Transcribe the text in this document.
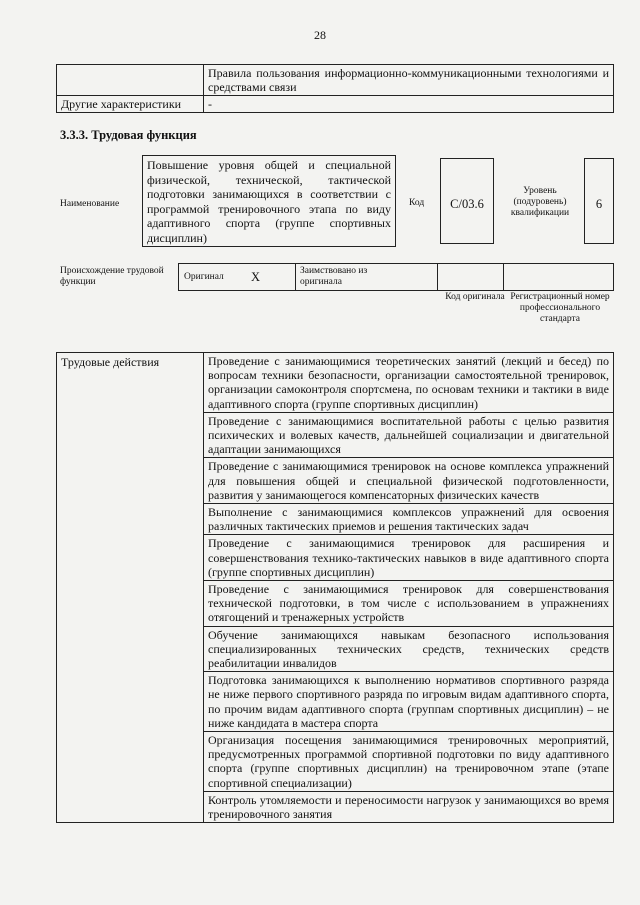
28
	Правила пользования информационно-коммуникационными технологиями и средствами связи
Другие характеристики	-
3.3.3. Трудовая функция
Наименование
Повышение уровня общей и специальной физической, технической, тактической подготовки занимающихся в соответствии с программой тренировочного этапа по виду адаптивного спорта (группе спортивных дисциплин)
Код	C/03.6
Уровень (подуровень) квалификации
6
Происхождение трудовой функции	Оригинал X	Заимствовано из оригинала
Код оригинала Регистрационный номер профессионального стандарта
Трудовые действия	Проведение с занимающимися теоретических занятий (лекций и бесед) по вопросам техники безопасности, организации самостоятельной тренировок, организации самоконтроля спортсмена, по основам техники и тактики в виде адаптивного спорта (группе спортивных дисциплин)
Проведение с занимающимися воспитательной работы с целью развития психических и волевых качеств, дальнейшей социализации и двигательной адаптации занимающихся
Проведение с занимающимися тренировок на основе комплекса упражнений для повышения общей и специальной физической подготовленности, развития у занимающегося компенсаторных физических качеств
Выполнение с занимающимися комплексов упражнений для освоения различных тактических приемов и решения тактических задач
Проведение с занимающимися тренировок для расширения и совершенствования технико-тактических навыков в виде адаптивного спорта (группе спортивных дисциплин)
Проведение с занимающимися тренировок для совершенствования технической подготовки, в том числе с использованием в упражнениях отягощений и тренажерных устройств
Обучение занимающихся навыкам безопасного использования специализированных технических средств, технических средств реабилитации инвалидов
Подготовка занимающихся к выполнению нормативов спортивного разряда не ниже первого спортивного разряда по игровым видам адаптивного спорта, по прочим видам адаптивного спорта (группам спортивных дисциплин) – не ниже кандидата в мастера спорта
Организация посещения занимающимися тренировочных мероприятий, предусмотренных программой спортивной подготовки по виду адаптивного спорта (группе спортивных дисциплин) на тренировочном этапе (этапе спортивной специализации)
Контроль утомляемости и переносимости нагрузок у занимающихся во время тренировочного занятия
